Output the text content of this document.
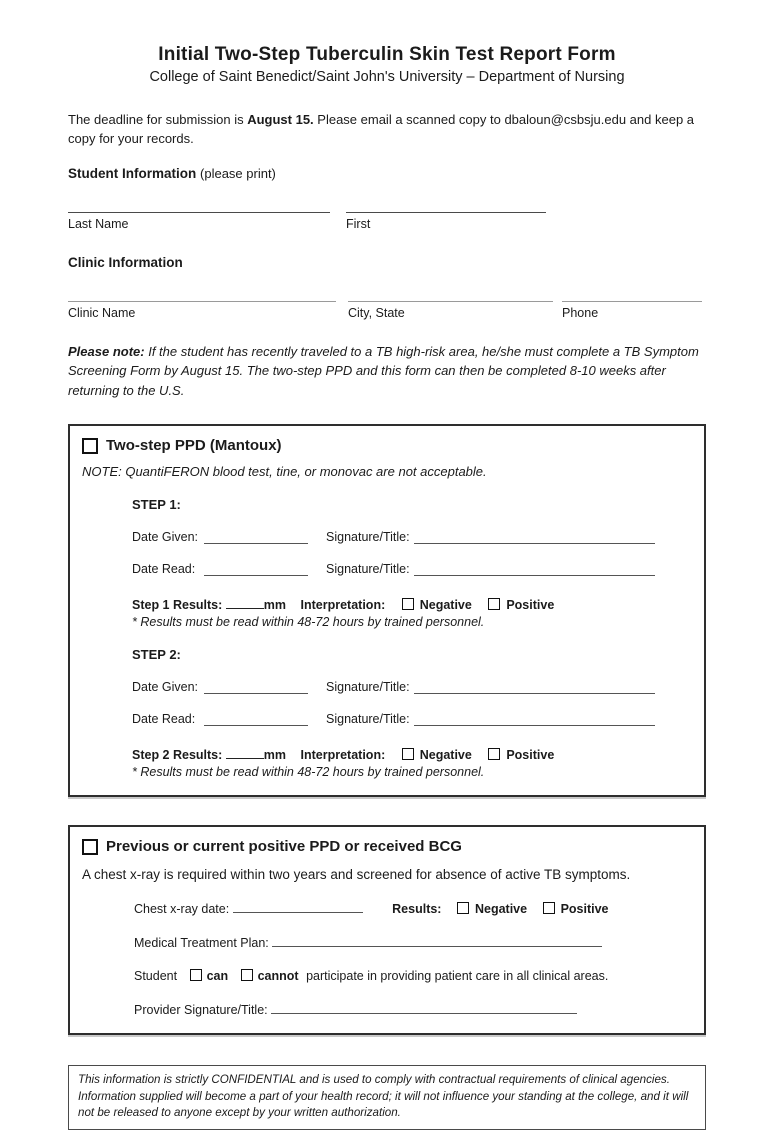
Initial Two-Step Tuberculin Skin Test Report Form
College of Saint Benedict/Saint John's University – Department of Nursing

The deadline for submission is August 15. Please email a scanned copy to dbaloun@csbsju.edu and keep a copy for your records.

Student Information (please print)
Last Name	First
Clinic Information
Clinic Name	City, State	Phone

Please note: If the student has recently traveled to a TB high-risk area, he/she must complete a TB Symptom Screening Form by August 15. The two-step PPD and this form can then be completed 8-10 weeks after returning to the U.S.

Two-step PPD (Mantoux)
NOTE: QuantiFERON blood test, tine, or monovac are not acceptable.
STEP 1:
Date Given:	Signature/Title:
Date Read:	Signature/Title:
Step 1 Results:	mm Interpretation:	Negative	Positive
* Results must be read within 48-72 hours by trained personnel.
STEP 2:
Date Given:	Signature/Title:
Date Read:	Signature/Title:
Step 2 Results:	mm Interpretation:	Negative	Positive
* Results must be read within 48-72 hours by trained personnel.
Previous or current positive PPD or received BCG
A chest x-ray is required within two years and screened for absence of active TB symptoms.
Chest x-ray date:	Results:	Negative	Positive
Medical Treatment Plan:
Student can cannot participate in providing patient care in all clinical areas.
Provider Signature/Title:
This information is strictly CONFIDENTIAL and is used to comply with contractual requirements of clinical agencies. Information supplied will become a part of your health record; it will not influence your standing at the college, and it will not be released to anyone except by your written authorization.
